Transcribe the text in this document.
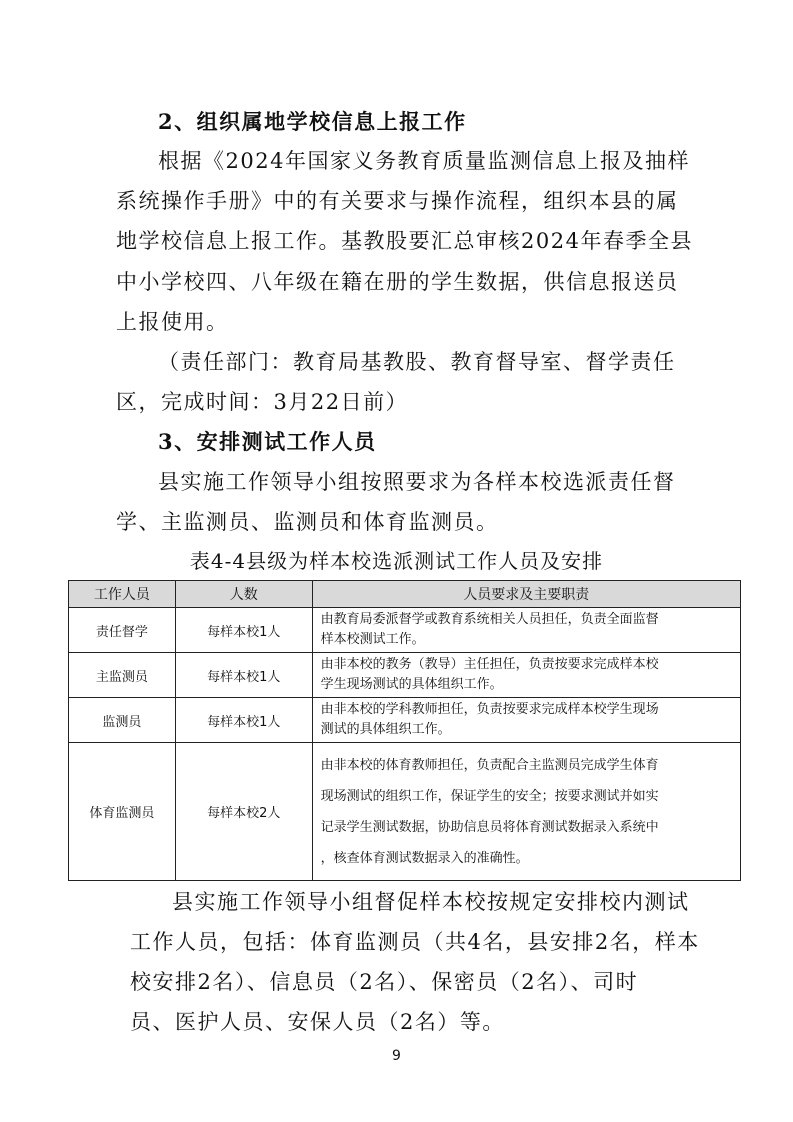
2、组织属地学校信息上报工作
根据《2024年国家义务教育质量监测信息上报及抽样
系统操作手册》中的有关要求与操作流程，组织本县的属
地学校信息上报工作。基教股要汇总审核2024年春季全县
中小学校四、八年级在籍在册的学生数据，供信息报送员
上报使用。
（责任部门：教育局基教股、教育督导室、督学责任
区，完成时间：3月22日前）
3、安排测试工作人员
县实施工作领导小组按照要求为各样本校选派责任督
学、主监测员、监测员和体育监测员。
表4-4县级为样本校选派测试工作人员及安排
工作人员	人数	人员要求及主要职责
责任督学	每样本校1人	由教育局委派督学或教育系统相关人员担任，负责全面监督
样本校测试工作。

主监测员	每样本校1人	由非本校的教务（教导）主任担任，负责按要求完成样本校
学生现场测试的具体组织工作。

监测员	每样本校1人	由非本校的学科教师担任，负责按要求完成样本校学生现场
测试的具体组织工作。

体育监测员	每样本校2人	由非本校的体育教师担任，负责配合主监测员完成学生体育
现场测试的组织工作，保证学生的安全；按要求测试并如实
记录学生测试数据，协助信息员将体育测试数据录入系统中
，核查体育测试数据录入的准确性。
县实施工作领导小组督促样本校按规定安排校内测试
工作人员，包括：体育监测员（共4名，县安排2名，样本
校安排2名）、信息员（2名）、保密员（2名）、司时
员、医护人员、安保人员（2名）等。
9
